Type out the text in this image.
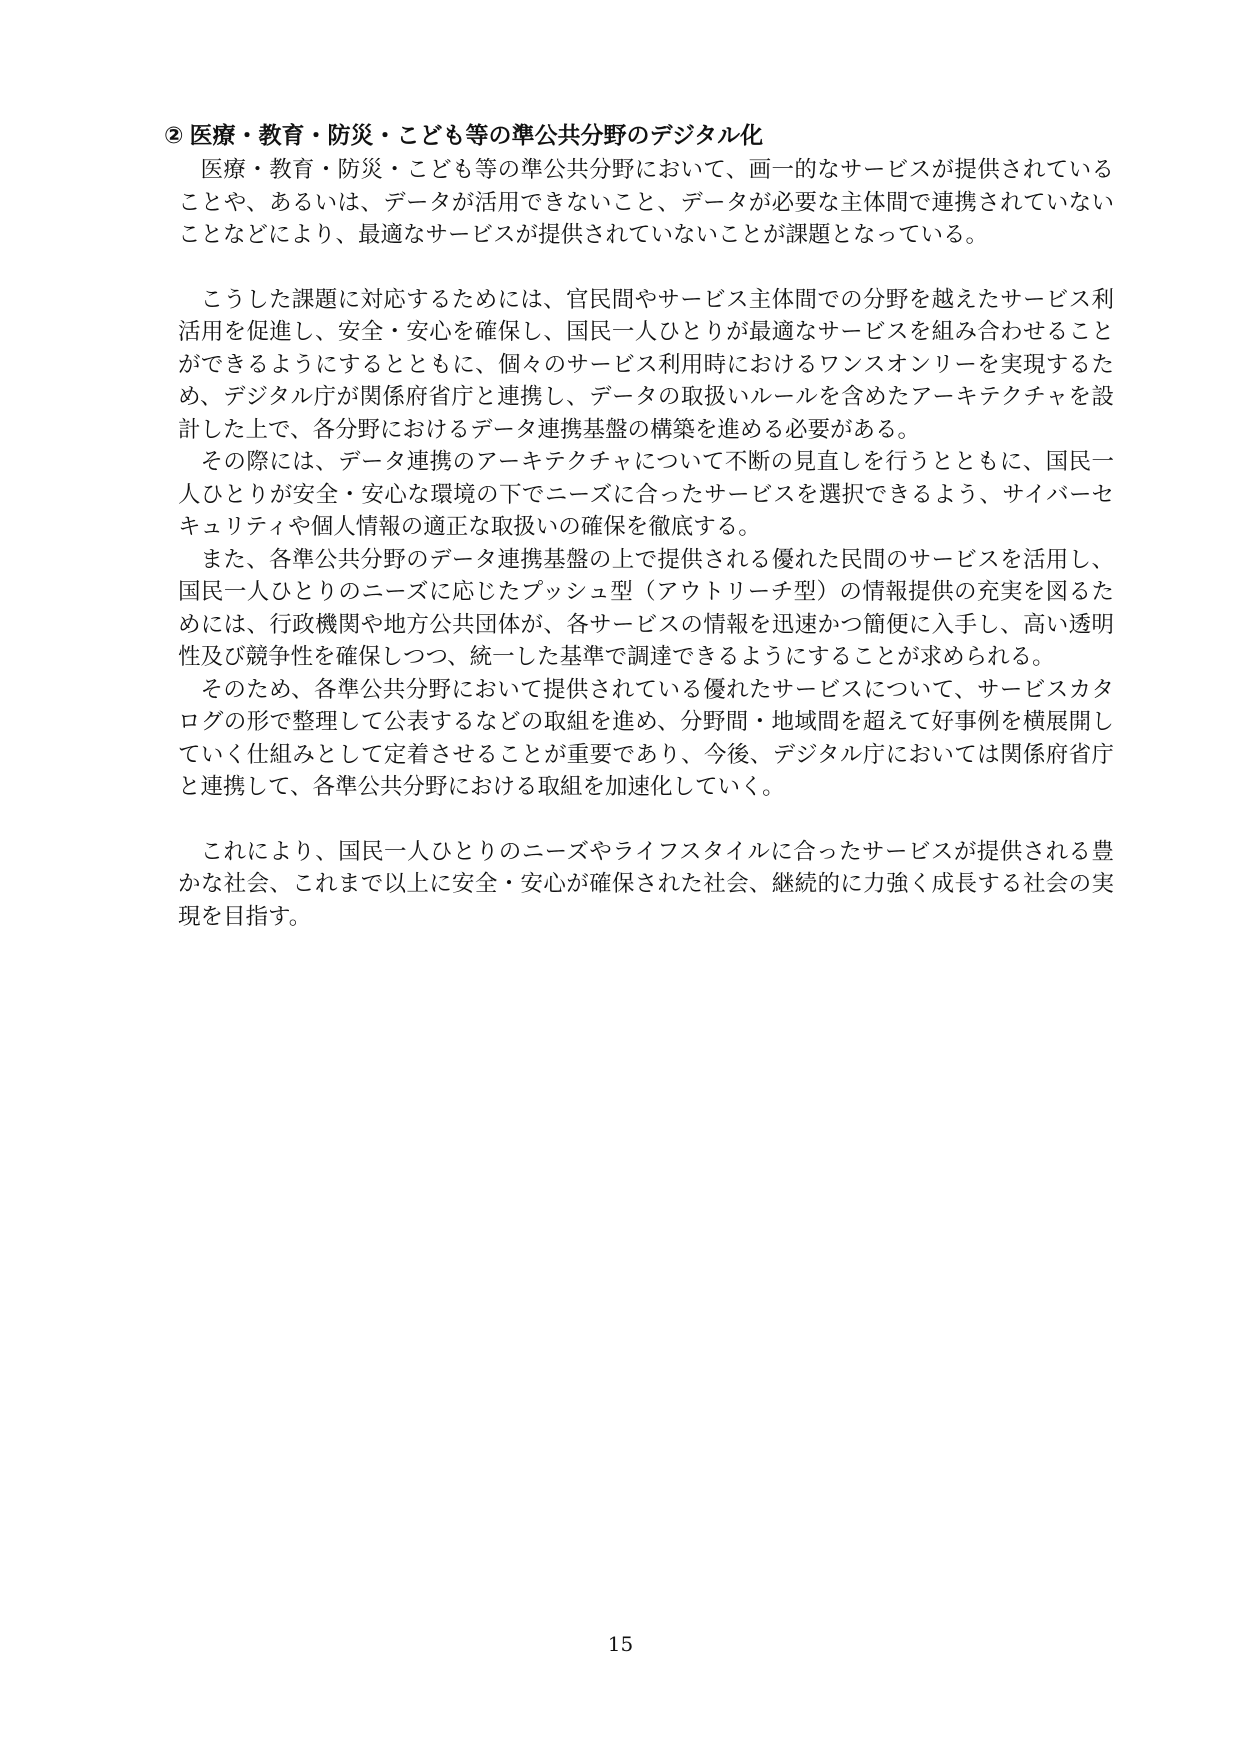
② 医療・教育・防災・こども等の準公共分野のデジタル化

医療・教育・防災・こども等の準公共分野において、画一的なサービスが提供されていることや、あるいは、データが活用できないこと、データが必要な主体間で連携されていないことなどにより、最適なサービスが提供されていないことが課題となっている。

こうした課題に対応するためには、官民間やサービス主体間での分野を越えたサービス利活用を促進し、安全・安心を確保し、国民一人ひとりが最適なサービスを組み合わせることができるようにするとともに、個々のサービス利用時におけるワンスオンリーを実現するため、デジタル庁が関係府省庁と連携し、データの取扱いルールを含めたアーキテクチャを設計した上で、各分野におけるデータ連携基盤の構築を進める必要がある。

その際には、データ連携のアーキテクチャについて不断の見直しを行うとともに、国民一人ひとりが安全・安心な環境の下でニーズに合ったサービスを選択できるよう、サイバーセキュリティや個人情報の適正な取扱いの確保を徹底する。

また、各準公共分野のデータ連携基盤の上で提供される優れた民間のサービスを活用し、国民一人ひとりのニーズに応じたプッシュ型（アウトリーチ型）の情報提供の充実を図るためには、行政機関や地方公共団体が、各サービスの情報を迅速かつ簡便に入手し、高い透明性及び競争性を確保しつつ、統一した基準で調達できるようにすることが求められる。

そのため、各準公共分野において提供されている優れたサービスについて、サービスカタログの形で整理して公表するなどの取組を進め、分野間・地域間を超えて好事例を横展開していく仕組みとして定着させることが重要であり、今後、デジタル庁においては関係府省庁と連携して、各準公共分野における取組を加速化していく。

これにより、国民一人ひとりのニーズやライフスタイルに合ったサービスが提供される豊かな社会、これまで以上に安全・安心が確保された社会、継続的に力強く成長する社会の実現を目指す。

15
